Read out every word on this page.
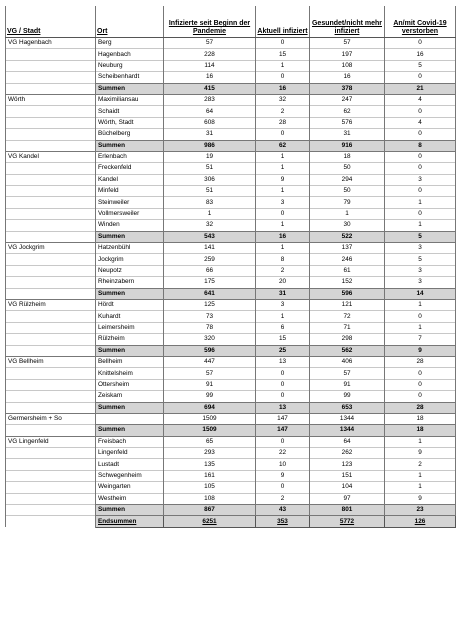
VG / Stadt	Ort	Infizierte seit Beginn der Pandemie	Aktuell infiziert	Gesundet/nicht mehr infiziert	An/mit Covid-19 verstorben
VG Hagenbach	Berg	57	0	57	0
	Hagenbach	228	15	197	16
	Neuburg	114	1	108	5
	Scheibenhardt	16	0	16	0
	Summen	415	16	378	21
Wörth	Maximiliansau	283	32	247	4
	Schaidt	64	2	62	0
	Wörth, Stadt	608	28	576	4
	Büchelberg	31	0	31	0
	Summen	986	62	916	8
VG Kandel	Erlenbach	19	1	18	0
	Freckenfeld	51	1	50	0
	Kandel	306	9	294	3
	Minfeld	51	1	50	0
	Steinweiler	83	3	79	1
	Vollmersweiler	1	0	1	0
	Winden	32	1	30	1
	Summen	543	16	522	5
VG Jockgrim	Hatzenbühl	141	1	137	3
	Jockgrim	259	8	246	5
	Neupotz	66	2	61	3
	Rheinzabern	175	20	152	3
	Summen	641	31	596	14
VG Rülzheim	Hördt	125	3	121	1
	Kuhardt	73	1	72	0
	Leimersheim	78	6	71	1
	Rülzheim	320	15	298	7
	Summen	596	25	562	9
VG Bellheim	Bellheim	447	13	406	28
	Knittelsheim	57	0	57	0
	Ottersheim	91	0	91	0
	Zeiskam	99	0	99	0
	Summen	694	13	653	28
Germersheim + So		1509	147	1344	18
	Summen	1509	147	1344	18
VG Lingenfeld	Freisbach	65	0	64	1
	Lingenfeld	293	22	262	9
	Lustadt	135	10	123	2
	Schwegenheim	161	9	151	1
	Weingarten	105	0	104	1
	Westheim	108	2	97	9
	Summen	867	43	801	23
	Endsummen	6251	353	5772	126
